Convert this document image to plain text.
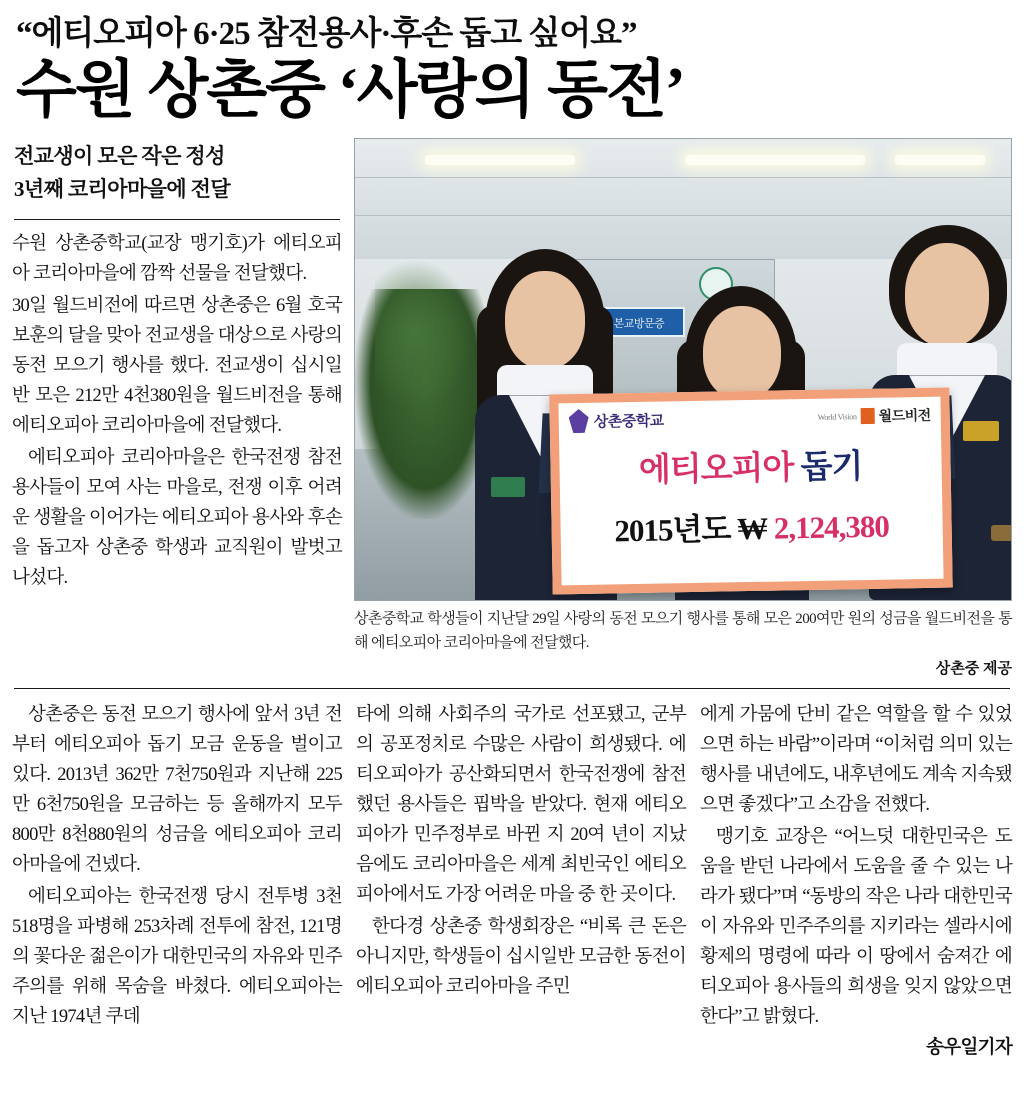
“에티오피아 6·25 참전용사·후손 돕고 싶어요”
수원 상촌중 ‘사랑의 동전’
전교생이 모은 작은 정성
3년째 코리아마을에 전달

수원 상촌중학교(교장 맹기호)가 에티오피아 코리아마을에 깜짝 선물을 전달했다.

30일 월드비전에 따르면 상촌중은 6월 호국보훈의 달을 맞아 전교생을 대상으로 사랑의 동전 모으기 행사를 했다. 전교생이 십시일반 모은 212만 4천380원을 월드비전을 통해 에티오피아 코리아마을에 전달했다.

에티오피아 코리아마을은 한국전쟁 참전 용사들이 모여 사는 마을로, 전쟁 이후 어려운 생활을 이어가는 에티오피아 용사와 후손을 돕고자 상촌중 학생과 교직원이 발벗고 나섰다.

본교방문증
상촌중학교	World Vision 월드비전
에티오피아 돕기
2015년도 ₩ 2,124,380
상촌중학교 학생들이 지난달 29일 사랑의 동전 모으기 행사를 통해 모은 200여만 원의 성금을 월드비전을 통해 에티오피아 코리아마을에 전달했다.
상촌중 제공

상촌중은 동전 모으기 행사에 앞서 3년 전부터 에티오피아 돕기 모금 운동을 벌이고 있다. 2013년 362만 7천750원과 지난해 225만 6천750원을 모금하는 등 올해까지 모두 800만 8천880원의 성금을 에티오피아 코리아마을에 건넸다.

에티오피아는 한국전쟁 당시 전투병 3천518명을 파병해 253차례 전투에 참전, 121명의 꽃다운 젊은이가 대한민국의 자유와 민주주의를 위해 목숨을 바쳤다. 에티오피아는 지난 1974년 쿠데

타에 의해 사회주의 국가로 선포됐고, 군부의 공포정치로 수많은 사람이 희생됐다. 에티오피아가 공산화되면서 한국전쟁에 참전했던 용사들은 핍박을 받았다. 현재 에티오피아가 민주정부로 바뀐 지 20여 년이 지났음에도 코리아마을은 세계 최빈국인 에티오피아에서도 가장 어려운 마을 중 한 곳이다.

한다경 상촌중 학생회장은 “비록 큰 돈은 아니지만, 학생들이 십시일반 모금한 동전이 에티오피아 코리아마을 주민

에게 가뭄에 단비 같은 역할을 할 수 있었으면 하는 바람”이라며 “이처럼 의미 있는 행사를 내년에도, 내후년에도 계속 지속됐으면 좋겠다”고 소감을 전했다.

맹기호 교장은 “어느덧 대한민국은 도움을 받던 나라에서 도움을 줄 수 있는 나라가 됐다”며 “동방의 작은 나라 대한민국이 자유와 민주주의를 지키라는 셀라시에 황제의 명령에 따라 이 땅에서 숨져간 에티오피아 용사들의 희생을 잊지 않았으면 한다”고 밝혔다.

송우일기자
